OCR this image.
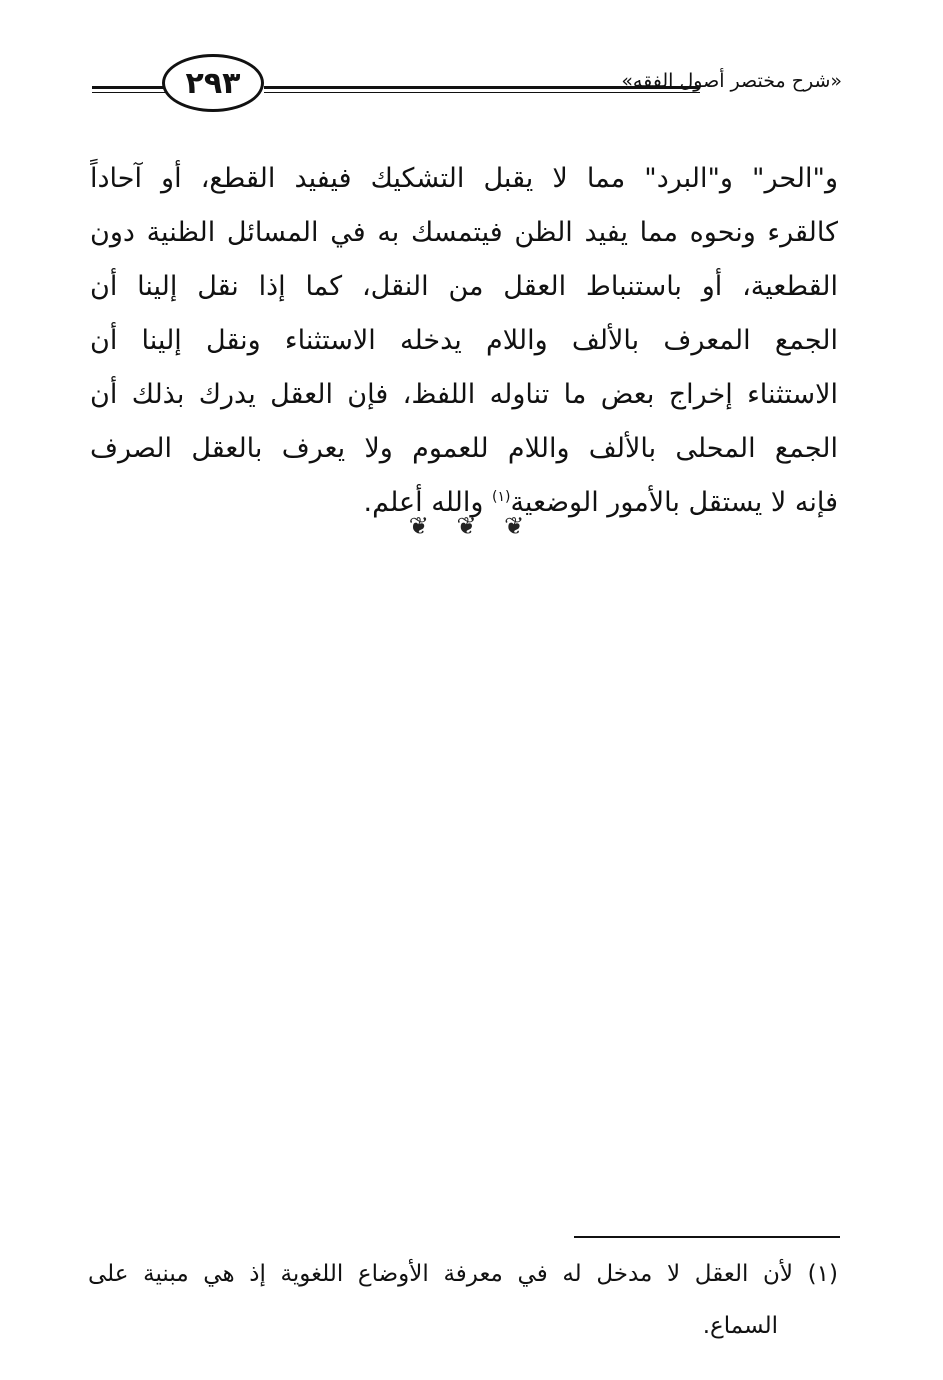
٢٩٣	«شرح مختصر أصول الفقه»
و"الحر" و"البرد" مما لا يقبل التشكيك فيفيد القطع، أو آحاداً
كالقرء ونحوه مما يفيد الظن فيتمسك به في المسائل الظنية دون
القطعية، أو باستنباط العقل من النقل، كما إذا نقل إلينا أن
الجمع المعرف بالألف واللام يدخله الاستثناء ونقل إلينا أن
الاستثناء إخراج بعض ما تناوله اللفظ، فإن العقل يدرك بذلك أن
الجمع المحلى بالألف واللام للعموم ولا يعرف بالعقل الصرف
فإنه لا يستقل بالأمور الوضعية$^{(١)}$ والله أعلم.
❦ ❦ ❦
(١) لأن العقل لا مدخل له في معرفة الأوضاع اللغوية إذ هي مبنية على
السماع.
